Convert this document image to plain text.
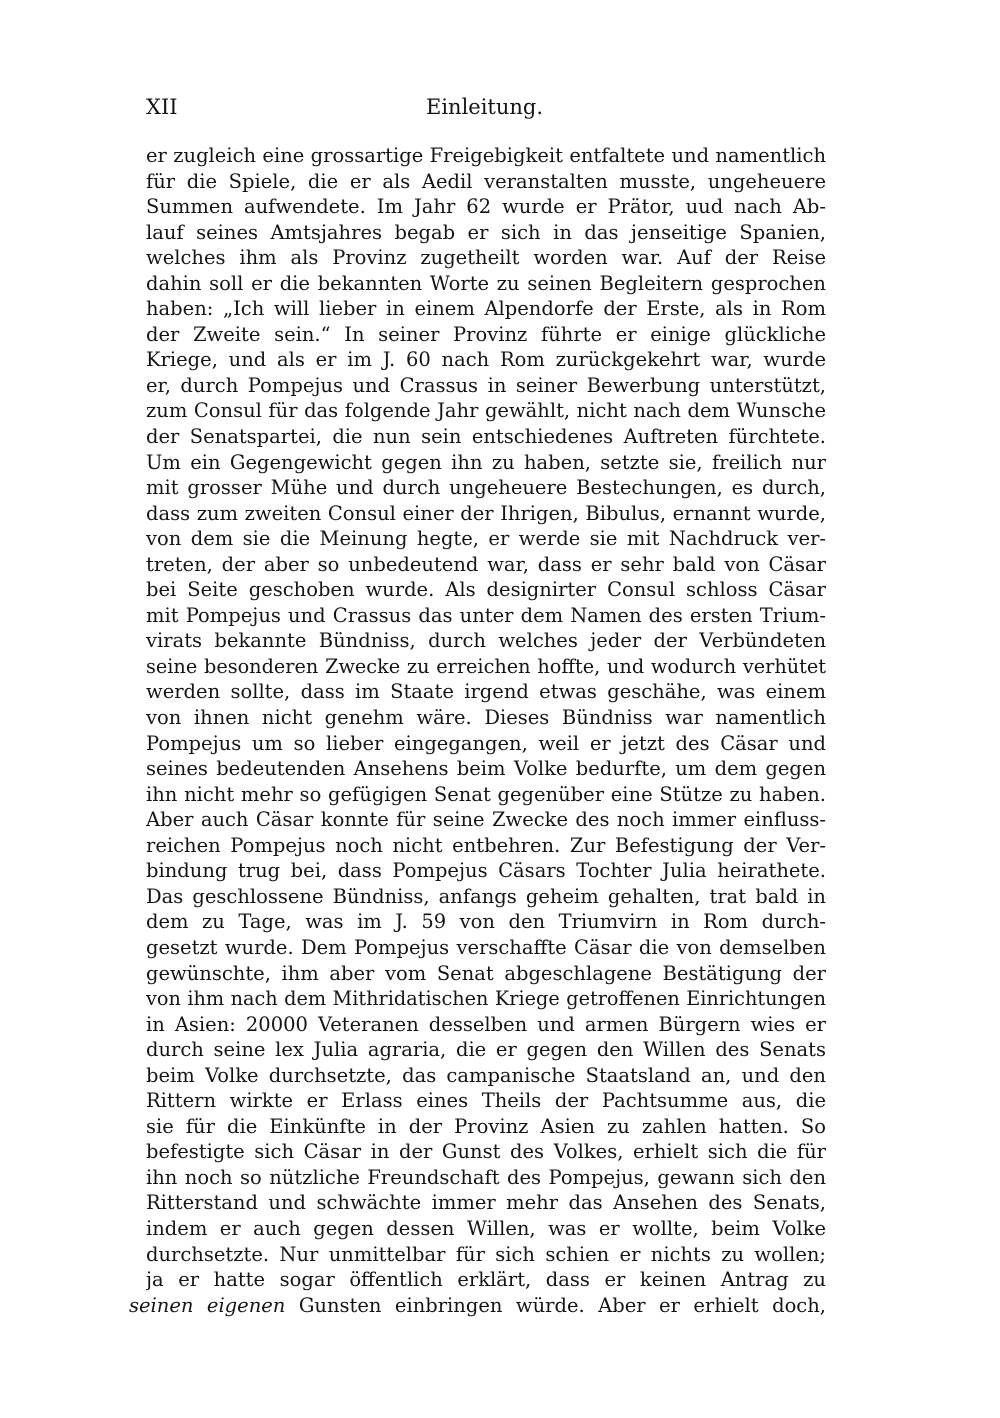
XII	Einleitung.
er zugleich eine grossartige Freigebigkeit entfaltete und namentlich
für die Spiele, die er als Aedil veranstalten musste, ungeheuere
Summen aufwendete. Im Jahr 62 wurde er Prätor, uud nach Ab-
lauf seines Amtsjahres begab er sich in das jenseitige Spanien,
welches ihm als Provinz zugetheilt worden war. Auf der Reise
dahin soll er die bekannten Worte zu seinen Begleitern gesprochen
haben: „Ich will lieber in einem Alpendorfe der Erste, als in Rom
der Zweite sein.“ In seiner Provinz führte er einige glückliche
Kriege, und als er im J. 60 nach Rom zurückgekehrt war, wurde
er, durch Pompejus und Crassus in seiner Bewerbung unterstützt,
zum Consul für das folgende Jahr gewählt, nicht nach dem Wunsche
der Senatspartei, die nun sein entschiedenes Auftreten fürchtete.
Um ein Gegengewicht gegen ihn zu haben, setzte sie, freilich nur
mit grosser Mühe und durch ungeheuere Bestechungen, es durch,
dass zum zweiten Consul einer der Ihrigen, Bibulus, ernannt wurde,
von dem sie die Meinung hegte, er werde sie mit Nachdruck ver-
treten, der aber so unbedeutend war, dass er sehr bald von Cäsar
bei Seite geschoben wurde. Als designirter Consul schloss Cäsar
mit Pompejus und Crassus das unter dem Namen des ersten Trium-
virats bekannte Bündniss, durch welches jeder der Verbündeten
seine besonderen Zwecke zu erreichen hoffte, und wodurch verhütet
werden sollte, dass im Staate irgend etwas geschähe, was einem
von ihnen nicht genehm wäre. Dieses Bündniss war namentlich
Pompejus um so lieber eingegangen, weil er jetzt des Cäsar und
seines bedeutenden Ansehens beim Volke bedurfte, um dem gegen
ihn nicht mehr so gefügigen Senat gegenüber eine Stütze zu haben.
Aber auch Cäsar konnte für seine Zwecke des noch immer einfluss-
reichen Pompejus noch nicht entbehren. Zur Befestigung der Ver-
bindung trug bei, dass Pompejus Cäsars Tochter Julia heirathete.
Das geschlossene Bündniss, anfangs geheim gehalten, trat bald in
dem zu Tage, was im J. 59 von den Triumvirn in Rom durch-
gesetzt wurde. Dem Pompejus verschaffte Cäsar die von demselben
gewünschte, ihm aber vom Senat abgeschlagene Bestätigung der
von ihm nach dem Mithridatischen Kriege getroffenen Einrichtungen
in Asien: 20000 Veteranen desselben und armen Bürgern wies er
durch seine lex Julia agraria, die er gegen den Willen des Senats
beim Volke durchsetzte, das campanische Staatsland an, und den
Rittern wirkte er Erlass eines Theils der Pachtsumme aus, die
sie für die Einkünfte in der Provinz Asien zu zahlen hatten. So
befestigte sich Cäsar in der Gunst des Volkes, erhielt sich die für
ihn noch so nützliche Freundschaft des Pompejus, gewann sich den
Ritterstand und schwächte immer mehr das Ansehen des Senats,
indem er auch gegen dessen Willen, was er wollte, beim Volke
durchsetzte. Nur unmittelbar für sich schien er nichts zu wollen;
ja er hatte sogar öffentlich erklärt, dass er keinen Antrag zu
seinen eigenen Gunsten einbringen würde. Aber er erhielt doch,
